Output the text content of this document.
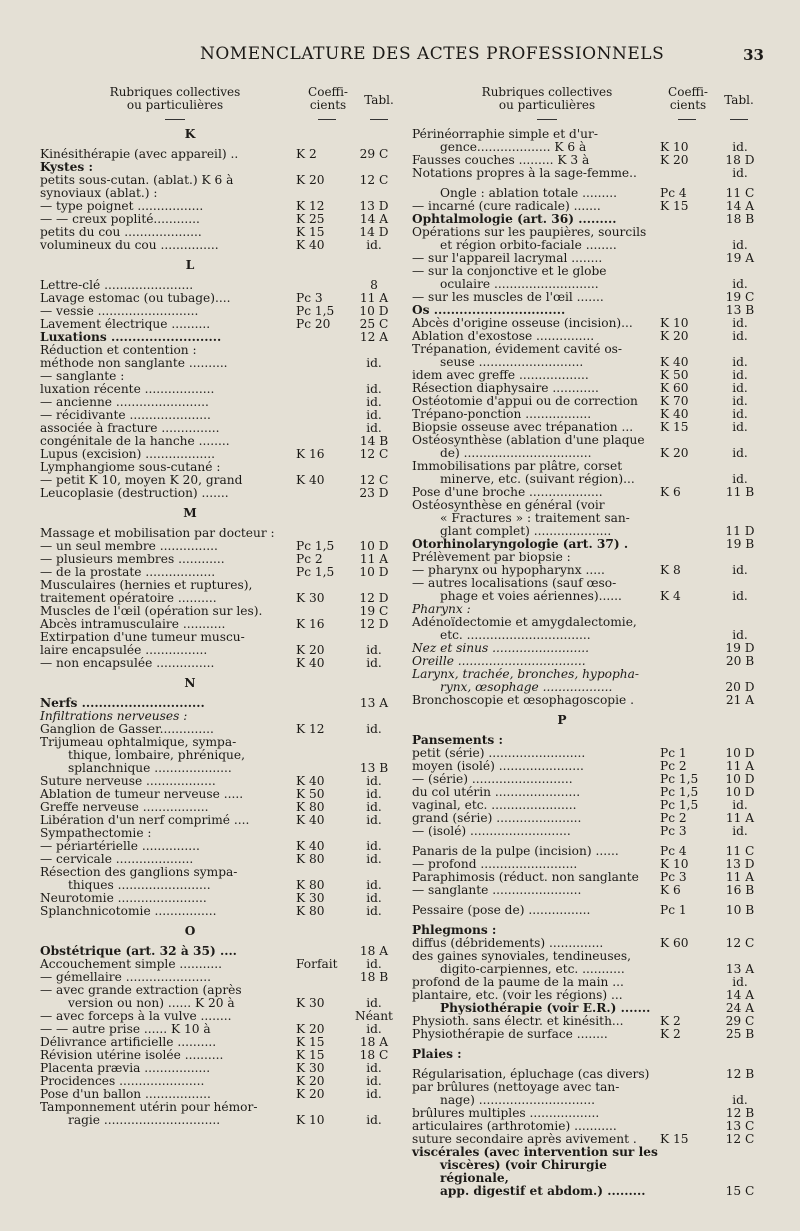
NOMENCLATURE DES ACTES PROFESSIONNELS	33
Rubriques collectives
ou particulières
Coeffi-
cients	Tabl.
K
Kinésithérapie (avec appareil) ..	K 2	29 C
Kystes :
petits sous-cutan. (ablat.) K 6 à	K 20	12 C
synoviaux (ablat.) :
— type poignet .................	K 12	13 D
— — creux poplité............	K 25	14 A
petits du cou ....................	K 15	14 D
volumineux du cou ...............	K 40	id.
L
Lettre-clé .......................	8
Lavage estomac (ou tubage)....	Pc 3	11 A
— vessie ..........................	Pc 1,5	10 D
Lavement électrique ..........	Pc 20	25 C
Luxations ..........................	12 A
Réduction et contention :
méthode non sanglante ..........	id.
— sanglante :
luxation récente ..................	id.
— ancienne ........................	id.
— récidivante .....................	id.
associée à fracture ...............	id.
congénitale de la hanche ........	14 B
Lupus (excision) ..................	K 16	12 C
Lymphangiome sous-cutané :
— petit K 10, moyen K 20, grand	K 40	12 C
Leucoplasie (destruction) .......	23 D
M
Massage et mobilisation par docteur :
— un seul membre ...............	Pc 1,5	10 D
— plusieurs membres ............	Pc 2	11 A
— de la prostate ..................	Pc 1,5	10 D
Musculaires (hernies et ruptures),
traitement opératoire ..........	K 30	12 D
Muscles de l'œil (opération sur les).	19 C
Abcès intramusculaire ...........	K 16	12 D
Extirpation d'une tumeur muscu-
laire encapsulée ................	K 20	id.
— non encapsulée ...............	K 40	id.
N
Nerfs .............................	13 A
Infiltrations nerveuses :
Ganglion de Gasser..............	K 12	id.
Trijumeau ophtalmique, sympa-
thique, lombaire, phrénique,
splanchnique ....................	13 B
Suture nerveuse ..................	K 40	id.
Ablation de tumeur nerveuse .....	K 50	id.
Greffe nerveuse .................	K 80	id.
Libération d'un nerf comprimé ....	K 40	id.
Sympathectomie :
— périartérielle ...............	K 40	id.
— cervicale ....................	K 80	id.
Résection des ganglions sympa-
thiques ........................	K 80	id.
Neurotomie .......................	K 30	id.
Splanchnicotomie ................	K 80	id.
O
Obstétrique (art. 32 à 35) ....	18 A
Accouchement simple ...........	Forfait	id.
— gémellaire ......................	18 B
— avec grande extraction (après
version ou non) ...... K 20 à	K 30	id.
— avec forceps à la vulve ........	Néant
— — autre prise ...... K 10 à	K 20	id.
Délivrance artificielle ..........	K 15	18 A
Révision utérine isolée ..........	K 15	18 C
Placenta prævia .................	K 30	id.
Procidences ......................	K 20	id.
Pose d'un ballon .................	K 20	id.
Tamponnement utérin pour hémor-
ragie ..............................	K 10	id.
Rubriques collectives
ou particulières
Coeffi-
cients	Tabl.
Périnéorraphie simple et d'ur-
gence................... K 6 à	K 10	id.
Fausses couches ......... K 3 à	K 20	18 D
Notations propres à la sage-femme..	id.
Ongle : ablation totale .........	Pc 4	11 C
— incarné (cure radicale) .......	K 15	14 A
Ophtalmologie (art. 36) .........	18 B
Opérations sur les paupières, sourcils
et région orbito-faciale ........	id.
— sur l'appareil lacrymal ........	19 A
— sur la conjonctive et le globe
oculaire ...........................	id.
— sur les muscles de l'œil .......	19 C
Os ...............................	13 B
Abcès d'origine osseuse (incision)...	K 10	id.
Ablation d'exostose ...............	K 20	id.
Trépanation, évidement cavité os-
seuse ...........................	K 40	id.
idem avec greffe ..................	K 50	id.
Résection diaphysaire ............	K 60	id.
Ostéotomie d'appui ou de correction	K 70	id.
Trépano-ponction .................	K 40	id.
Biopsie osseuse avec trépanation ...	K 15	id.
Ostéosynthèse (ablation d'une plaque
de) .................................	K 20	id.
Immobilisations par plâtre, corset
minerve, etc. (suivant région)...	id.
Pose d'une broche ...................	K 6	11 B
Ostéosynthèse en général (voir
« Fractures » : traitement san-
glant complet) ....................	11 D
Otorhinolaryngologie (art. 37) .	19 B
Prélèvement par biopsie :
— pharynx ou hypopharynx .....	K 8	id.
— autres localisations (sauf œso-
phage et voies aériennes)......	K 4	id.
Pharynx :
Adénoïdectomie et amygdalectomie,
etc. ................................	id.
Nez et sinus .........................	19 D
Oreille .................................	20 B
Larynx, trachée, bronches, hypopha-
rynx, œsophage ..................	20 D
Bronchoscopie et œsophagoscopie .	21 A
P
Pansements :
petit (série) .........................	Pc 1	10 D
moyen (isolé) ......................	Pc 2	11 A
— (série) ..........................	Pc 1,5	10 D
du col utérin ......................	Pc 1,5	10 D
vaginal, etc. ......................	Pc 1,5	id.
grand (série) ......................	Pc 2	11 A
— (isolé) ..........................	Pc 3	id.
Panaris de la pulpe (incision) ......	Pc 4	11 C
— profond .........................	K 10	13 D
Paraphimosis (réduct. non sanglante	Pc 3	11 A
— sanglante .......................	K 6	16 B
Pessaire (pose de) ................	Pc 1	10 B
Phlegmons :
diffus (débridements) ..............	K 60	12 C
des gaines synoviales, tendineuses,
digito-carpiennes, etc. ...........	13 A
profond de la paume de la main ...	id.
plantaire, etc. (voir les régions) ...	14 A
Physiothérapie (voir E.R.) .......	24 A
Physioth. sans électr. et kinésith...	K 2	29 C
Physiothérapie de surface ........	K 2	25 B
Plaies :
Régularisation, épluchage (cas divers)	12 B
par brûlures (nettoyage avec tan-
nage) ..............................	id.
brûlures multiples ..................	12 B
articulaires (arthrotomie) ...........	13 C
suture secondaire après avivement .	K 15	12 C
viscérales (avec intervention sur les
viscères) (voir Chirurgie régionale,
app. digestif et abdom.) .........	15 C
